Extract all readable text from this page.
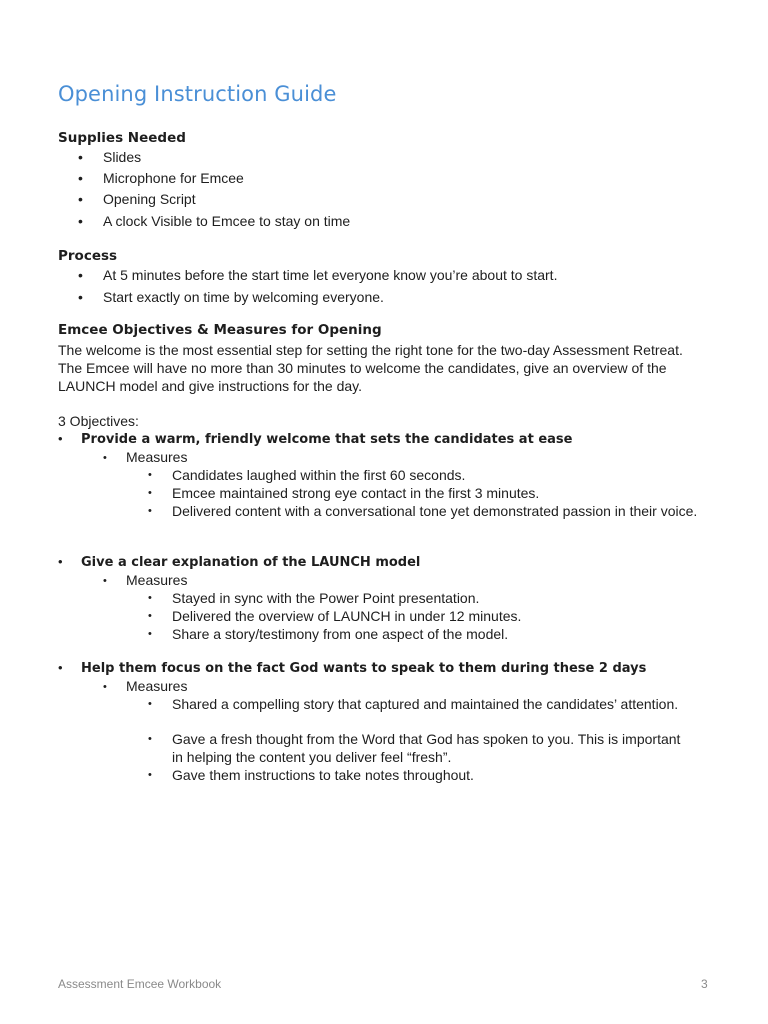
Opening Instruction Guide
Supplies Needed
• Slides
• Microphone for Emcee
• Opening Script
• A clock Visible to Emcee to stay on time
Process
• At 5 minutes before the start time let everyone know you’re about to start.
• Start exactly on time by welcoming everyone.
Emcee Objectives & Measures for Opening
The welcome is the most essential step for setting the right tone for the two-day Assessment Retreat. The Emcee will have no more than 30 minutes to welcome the candidates, give an overview of the LAUNCH model and give instructions for the day.
3 Objectives:
• Provide a warm, friendly welcome that sets the candidates at ease
• Measures
•	Candidates laughed within the first 60 seconds.
•	Emcee maintained strong eye contact in the first 3 minutes.
•	Delivered content with a conversational tone yet demonstrated passion in their voice.
• Give a clear explanation of the LAUNCH model
• Measures
•	Stayed in sync with the Power Point presentation.
•	Delivered the overview of LAUNCH in under 12 minutes.
•	Share a story/testimony from one aspect of the model.
• Help them focus on the fact God wants to speak to them during these 2 days
• Measures
•	Shared a compelling story that captured and maintained the candidates’ attention.
•	Gave a fresh thought from the Word that God has spoken to you. This is important in helping the content you deliver feel “fresh”.
•	Gave them instructions to take notes throughout.
Assessment Emcee Workbook	3
